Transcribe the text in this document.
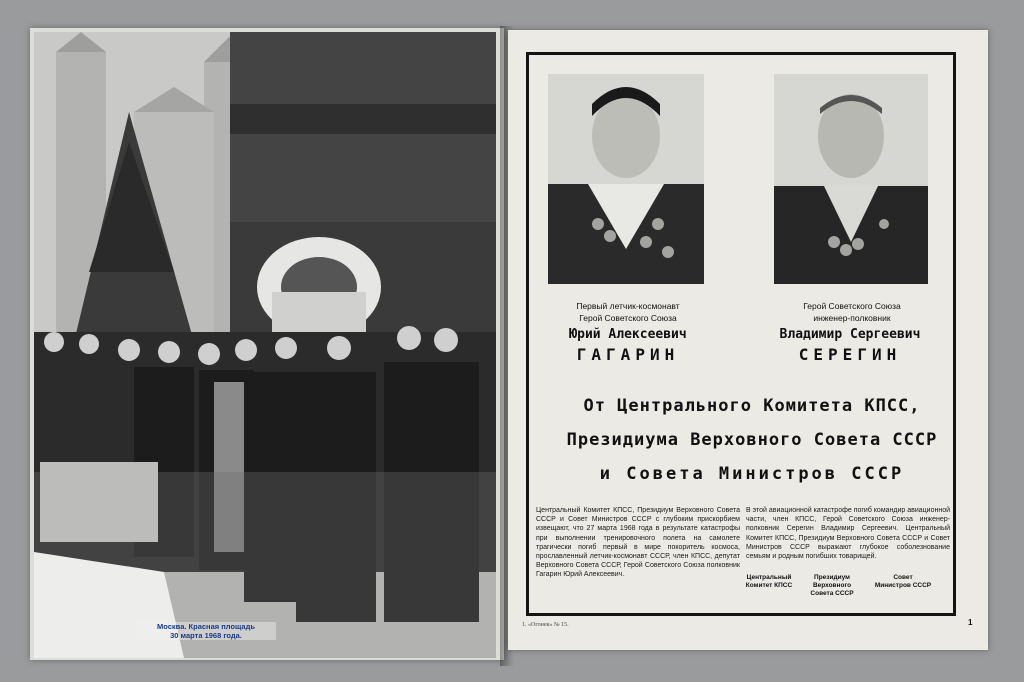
Москва. Красная площадь
30 марта 1968 года.
Первый летчик-космонавт
Герой Советского Союза
Герой Советского Союза
инженер-полковник
Юрий Алексеевич
ГАГАРИН
Владимир Сергеевич
СЕРЕГИН
От Центрального Комитета КПСС,
Президиума Верховного Совета СССР
и Совета Министров СССР
Центральный Комитет КПСС, Президиум Верховного Совета СССР и Совет Министров СССР с глубоким прискорбием извещают, что 27 марта 1968 года в результате катастрофы при выполнении тренировочного полета на самолете трагически погиб первый в мире покоритель космоса, прославленный летчик-космонавт СССР, член КПСС, депутат Верховного Совета СССР, Герой Советского Союза полковник Гагарин Юрий Алексеевич.
В этой авиационной катастрофе погиб командир авиационной части, член КПСС, Герой Советского Союза инженер-полковник Серегин Владимир Сергеевич. Центральный Комитет КПСС, Президиум Верховного Совета СССР и Совет Министров СССР выражают глубокое соболезнование семьям и родным погибших товарищей.
Центральный
Комитет КПСС
Президиум Верховного
Совета СССР
Совет
Министров СССР
1. «Огонек» № 15.	1
